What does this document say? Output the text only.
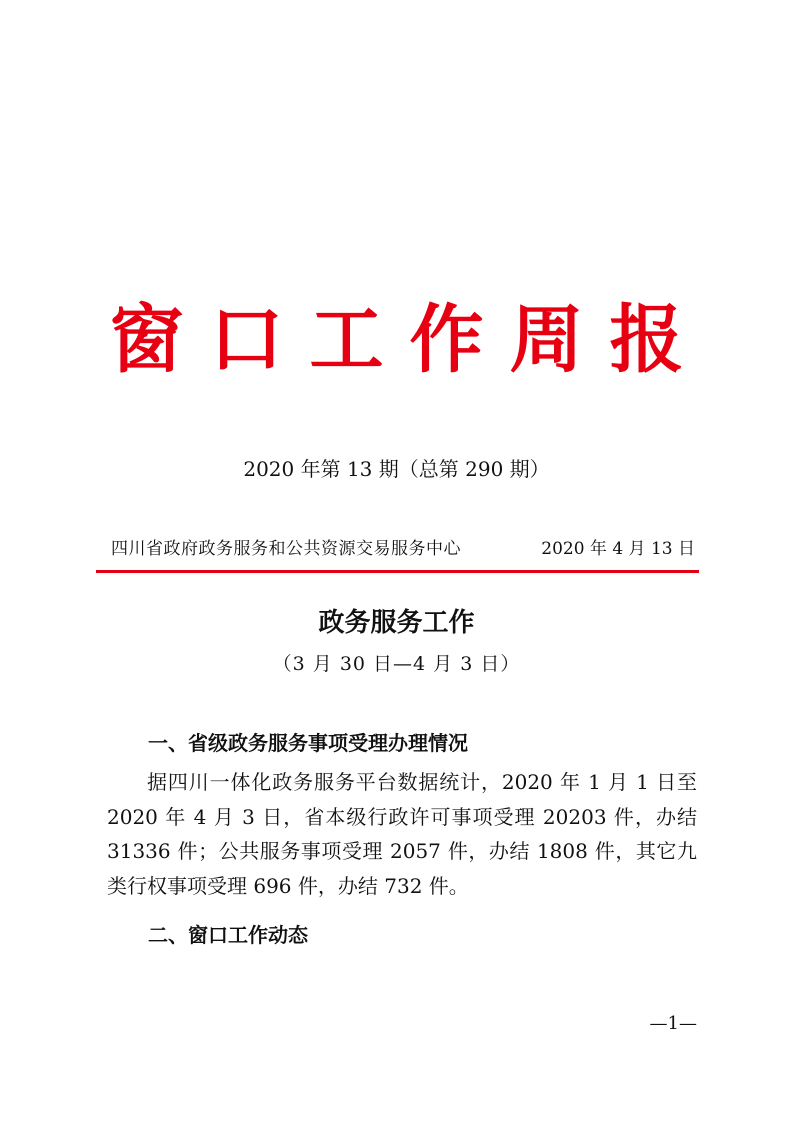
窗口工作周报
2020 年第 13 期（总第 290 期）
四川省政府政务服务和公共资源交易服务中心	2020 年 4 月 13 日
政务服务工作
（3 月 30 日—4 月 3 日）
一、省级政务服务事项受理办理情况

据四川一体化政务服务平台数据统计，2020 年 1 月 1 日至 2020 年 4 月 3 日，省本级行政许可事项受理 20203 件，办结 31336 件；公共服务事项受理 2057 件，办结 1808 件，其它九类行权事项受理 696 件，办结 732 件。

二、窗口工作动态
—1—
